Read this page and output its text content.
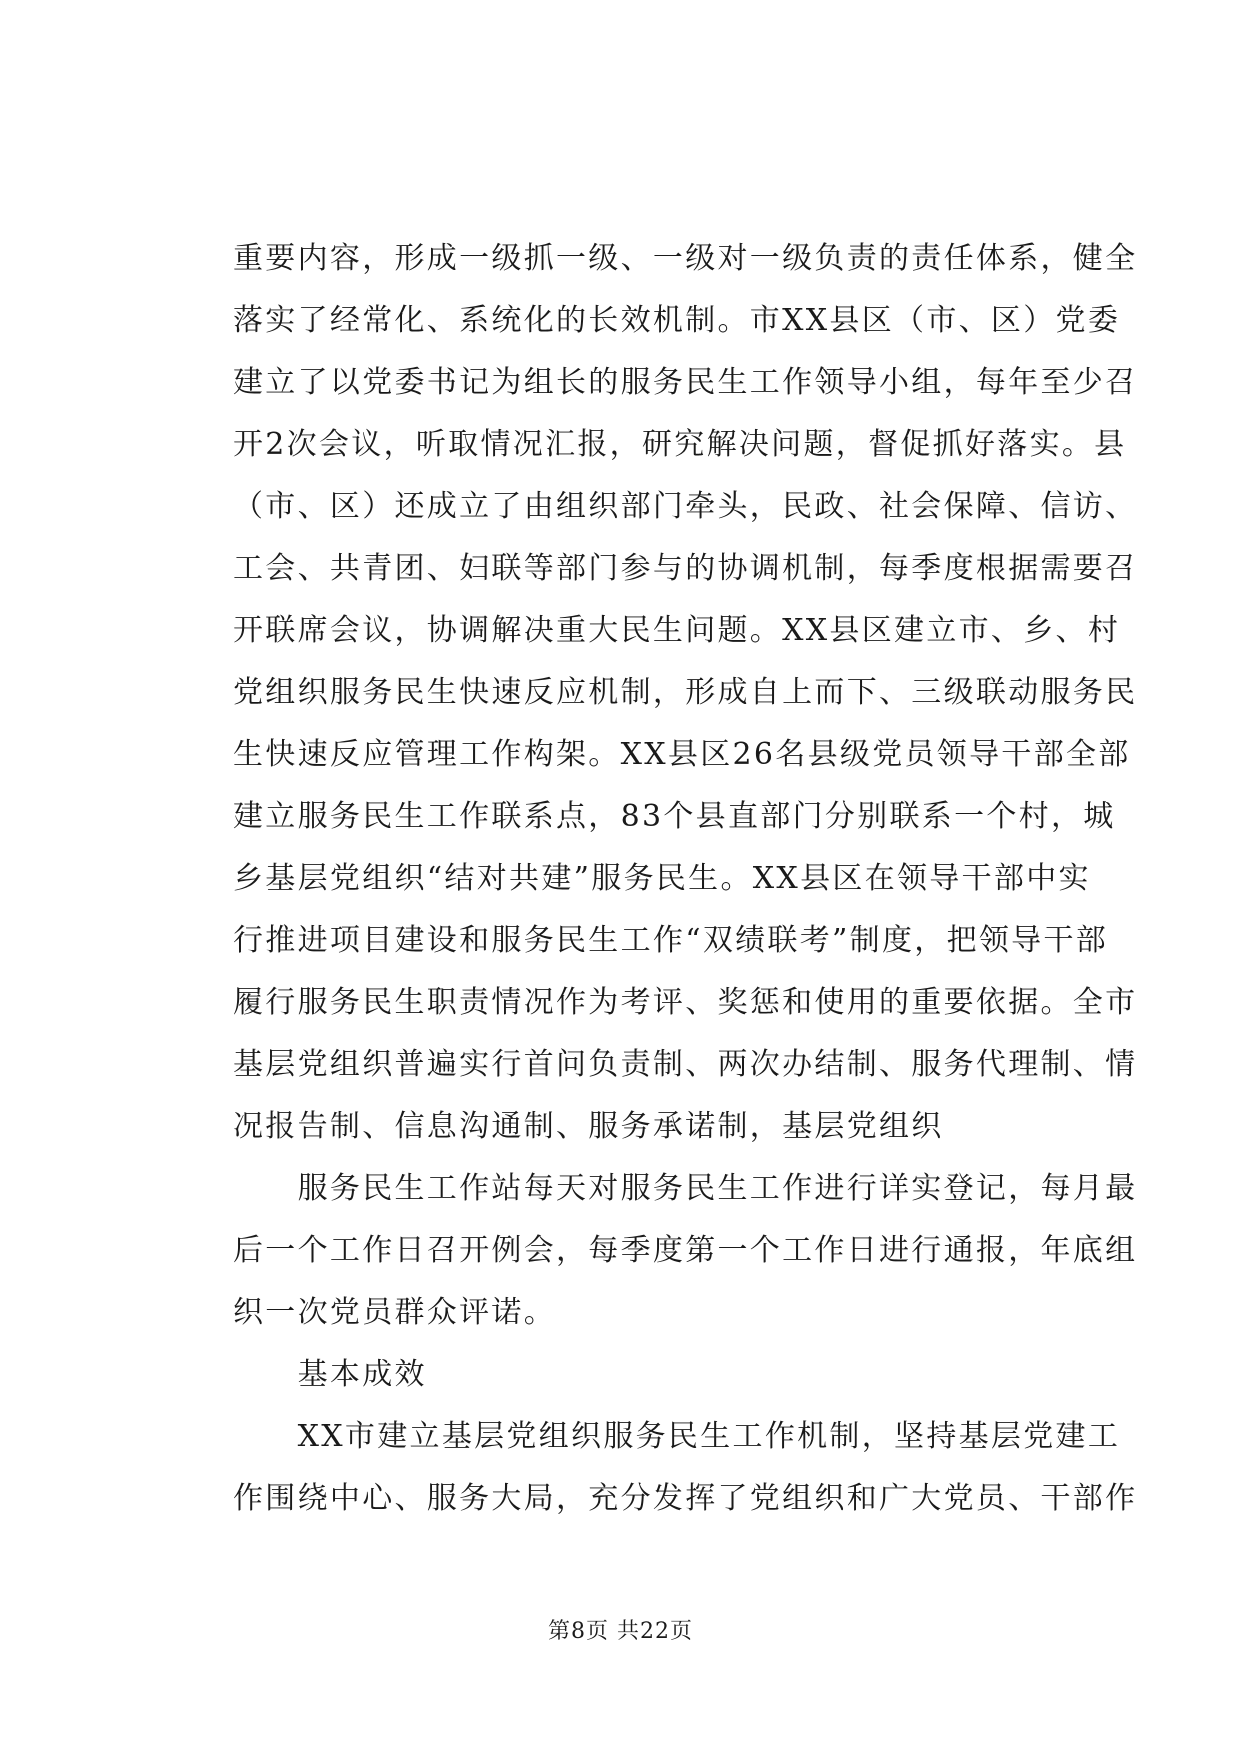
重要内容，形成一级抓一级、一级对一级负责的责任体系，健全
落实了经常化、系统化的长效机制。市XX县区（市、区）党委
建立了以党委书记为组长的服务民生工作领导小组，每年至少召
开2次会议，听取情况汇报，研究解决问题，督促抓好落实。县
（市、区）还成立了由组织部门牵头，民政、社会保障、信访、
工会、共青团、妇联等部门参与的协调机制，每季度根据需要召
开联席会议，协调解决重大民生问题。XX县区建立市、乡、村
党组织服务民生快速反应机制，形成自上而下、三级联动服务民
生快速反应管理工作构架。XX县区26名县级党员领导干部全部
建立服务民生工作联系点，83个县直部门分别联系一个村，城
乡基层党组织“结对共建”服务民生。XX县区在领导干部中实
行推进项目建设和服务民生工作“双绩联考”制度，把领导干部
履行服务民生职责情况作为考评、奖惩和使用的重要依据。全市
基层党组织普遍实行首问负责制、两次办结制、服务代理制、情
况报告制、信息沟通制、服务承诺制，基层党组织

　　服务民生工作站每天对服务民生工作进行详实登记，每月最
后一个工作日召开例会，每季度第一个工作日进行通报，年底组
织一次党员群众评诺。

　　基本成效

　　XX市建立基层党组织服务民生工作机制，坚持基层党建工
作围绕中心、服务大局，充分发挥了党组织和广大党员、干部作

第8页 共22页
